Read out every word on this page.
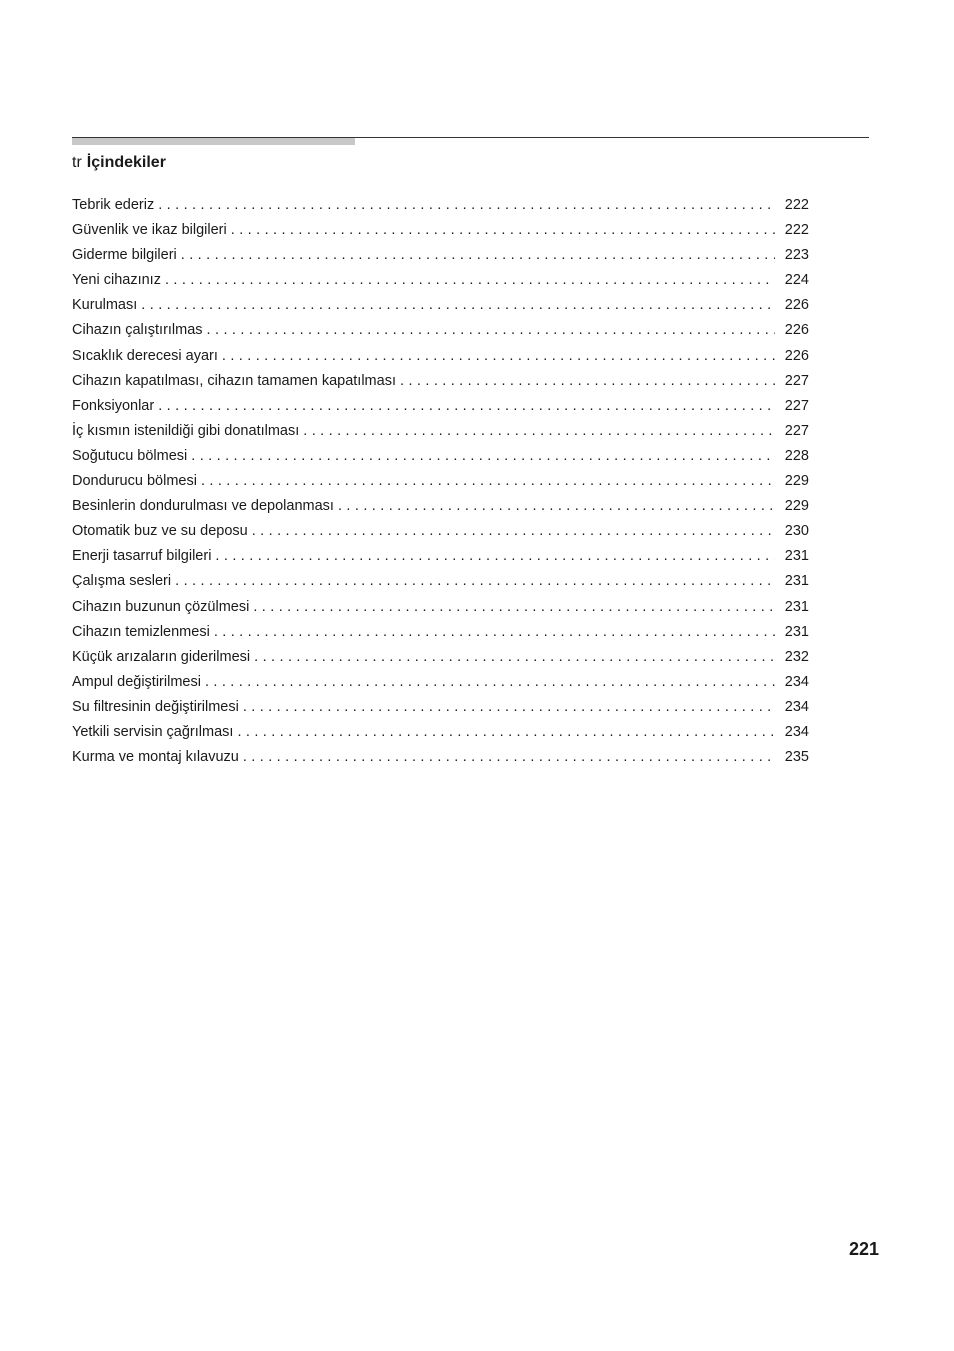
tr İçindekiler
Tebrik ederiz . . .	222
Güvenlik ve ikaz bilgileri . . .	222
Giderme bilgileri . . .	223
Yeni cihazınız . . .	224
Kurulması . . .	226
Cihazın çalıştırılmas . . .	226
Sıcaklık derecesi ayarı . . .	226
Cihazın kapatılması, cihazın tamamen kapatılması . . .	227
Fonksiyonlar . . .	227
İç kısmın istenildiği gibi donatılması . . .	227
Soğutucu bölmesi . . .	228
Dondurucu bölmesi . . .	229
Besinlerin dondurulması ve depolanması . . .	229
Otomatik buz ve su deposu . . .	230
Enerji tasarruf bilgileri . . .	231
Çalışma sesleri . . .	231
Cihazın buzunun çözülmesi . . .	231
Cihazın temizlenmesi . . .	231
Küçük arızaların giderilmesi . . .	232
Ampul değiştirilmesi . . .	234
Su filtresinin değiştirilmesi . . .	234
Yetkili servisin çağrılması . . .	234
Kurma ve montaj kılavuzu . . .	235
221
